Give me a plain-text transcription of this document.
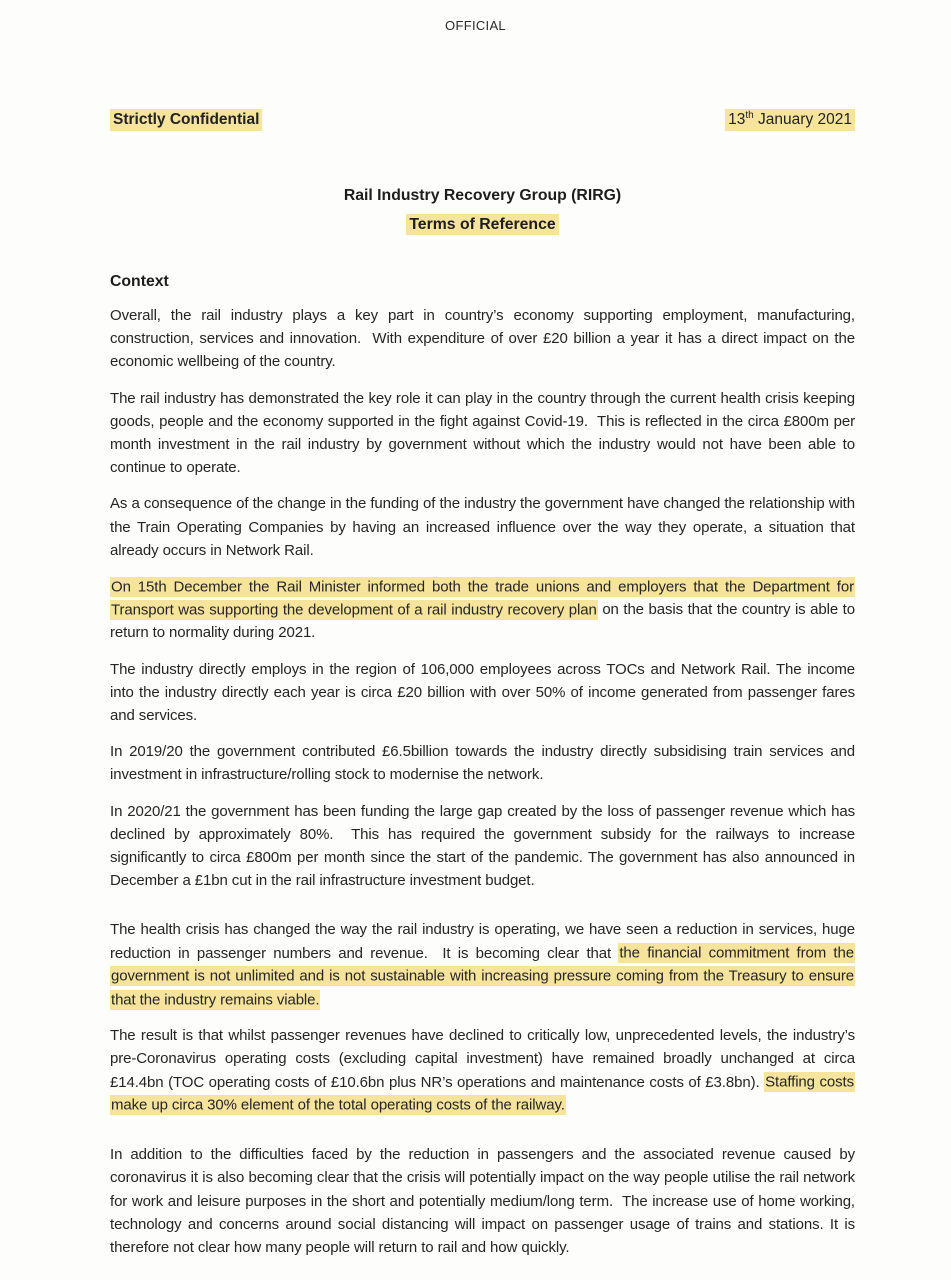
OFFICIAL
Strictly Confidential	13th January 2021
Rail Industry Recovery Group (RIRG)
Terms of Reference
Context

Overall, the rail industry plays a key part in country’s economy supporting employment, manufacturing, construction, services and innovation.  With expenditure of over £20 billion a year it has a direct impact on the economic wellbeing of the country.

The rail industry has demonstrated the key role it can play in the country through the current health crisis keeping goods, people and the economy supported in the fight against Covid-19.  This is reflected in the circa £800m per month investment in the rail industry by government without which the industry would not have been able to continue to operate.

As a consequence of the change in the funding of the industry the government have changed the relationship with the Train Operating Companies by having an increased influence over the way they operate, a situation that already occurs in Network Rail.

On 15th December the Rail Minister informed both the trade unions and employers that the Department for Transport was supporting the development of a rail industry recovery plan on the basis that the country is able to return to normality during 2021.

The industry directly employs in the region of 106,000 employees across TOCs and Network Rail. The income into the industry directly each year is circa £20 billion with over 50% of income generated from passenger fares and services.

In 2019/20 the government contributed £6.5billion towards the industry directly subsidising train services and investment in infrastructure/rolling stock to modernise the network.

In 2020/21 the government has been funding the large gap created by the loss of passenger revenue which has declined by approximately 80%.  This has required the government subsidy for the railways to increase significantly to circa £800m per month since the start of the pandemic. The government has also announced in December a £1bn cut in the rail infrastructure investment budget.

The health crisis has changed the way the rail industry is operating, we have seen a reduction in services, huge reduction in passenger numbers and revenue.  It is becoming clear that the financial commitment from the government is not unlimited and is not sustainable with increasing pressure coming from the Treasury to ensure that the industry remains viable.

The result is that whilst passenger revenues have declined to critically low, unprecedented levels, the industry’s pre-Coronavirus operating costs (excluding capital investment) have remained broadly unchanged at circa £14.4bn (TOC operating costs of £10.6bn plus NR’s operations and maintenance costs of £3.8bn). Staffing costs make up circa 30% element of the total operating costs of the railway.

In addition to the difficulties faced by the reduction in passengers and the associated revenue caused by coronavirus it is also becoming clear that the crisis will potentially impact on the way people utilise the rail network for work and leisure purposes in the short and potentially medium/long term.  The increase use of home working, technology and concerns around social distancing will impact on passenger usage of trains and stations. It is therefore not clear how many people will return to rail and how quickly.
